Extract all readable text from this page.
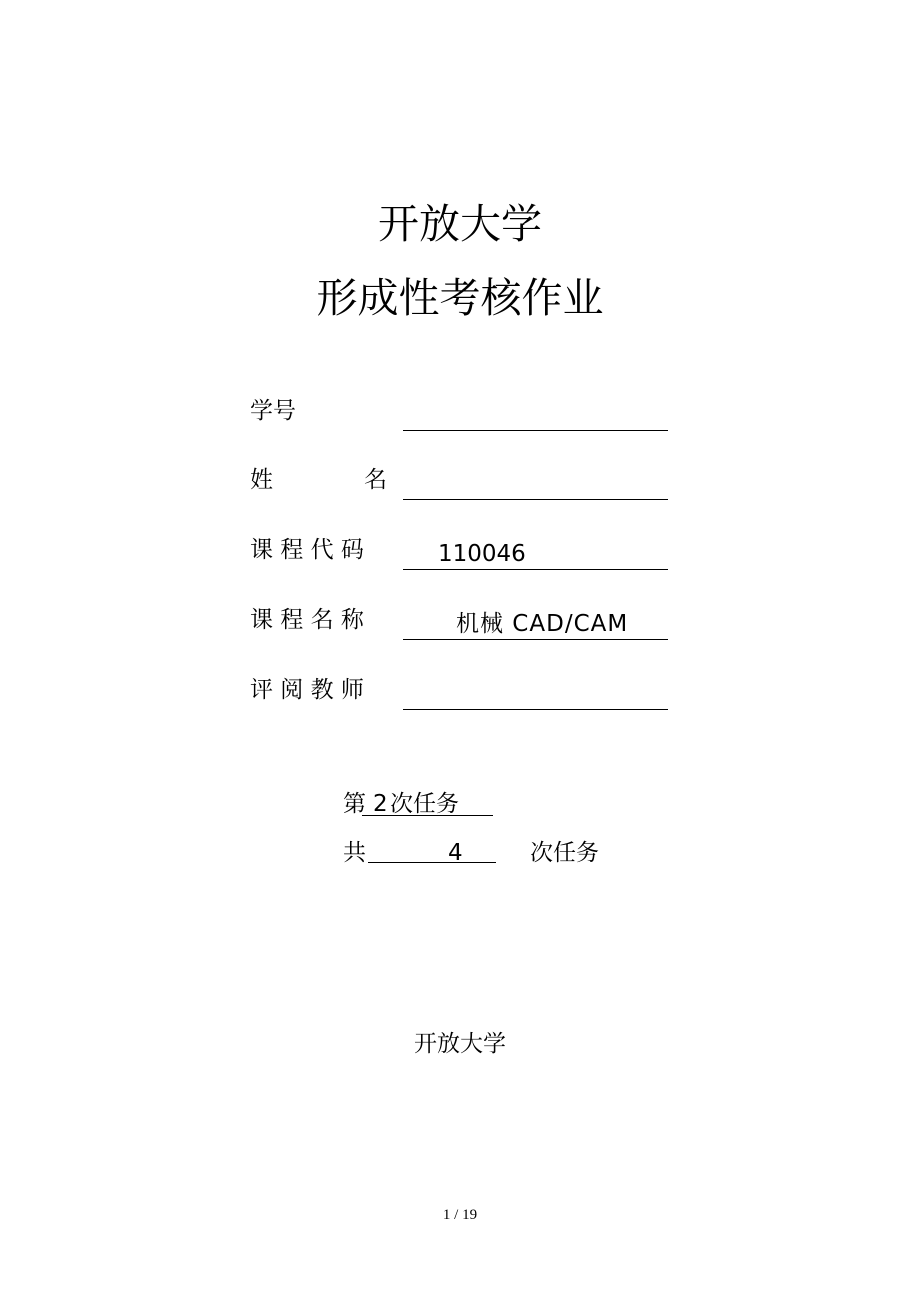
开放大学
形成性考核作业
学号
姓	名
课 程 代 码	110046
课 程 名 称	机械 CAD/CAM
评 阅 教 师
第 2 次任务
共	4	次任务
开放大学
1 / 19
